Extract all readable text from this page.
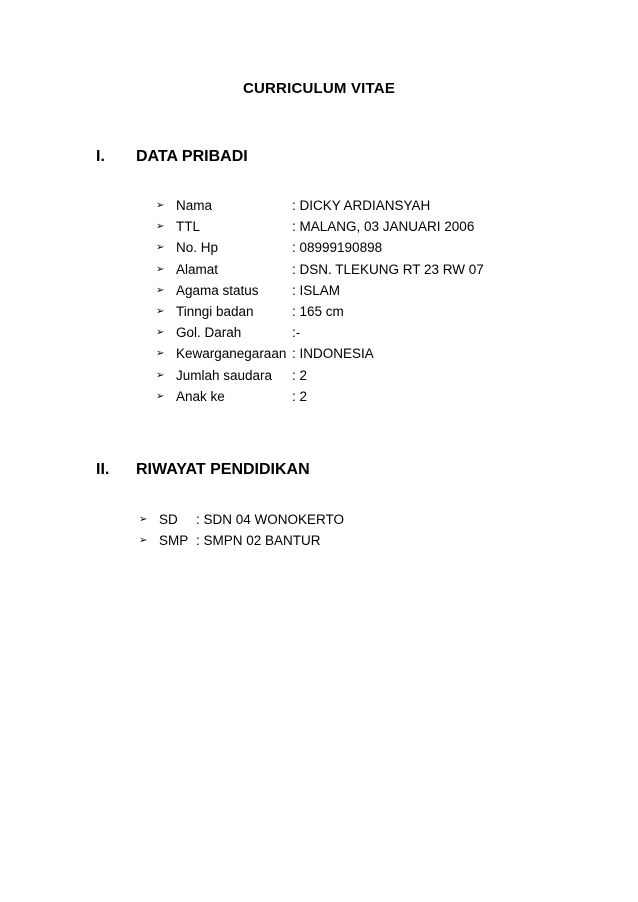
CURRICULUM VITAE
I. DATA PRIBADI
➢ Nama	: DICKY ARDIANSYAH
➢ TTL	: MALANG, 03 JANUARI 2006
➢ No. Hp	: 08999190898
➢ Alamat	: DSN. TLEKUNG RT 23 RW 07
➢ Agama status : ISLAM
➢ Tinngi badan	: 165 cm
➢ Gol. Darah	:-
➢ Kewarganegaraan : INDONESIA
➢ Jumlah saudara : 2
➢ Anak ke	: 2
II. RIWAYAT PENDIDIKAN
➢ SD : SDN 04 WONOKERTO
➢ SMP : SMPN 02 BANTUR
